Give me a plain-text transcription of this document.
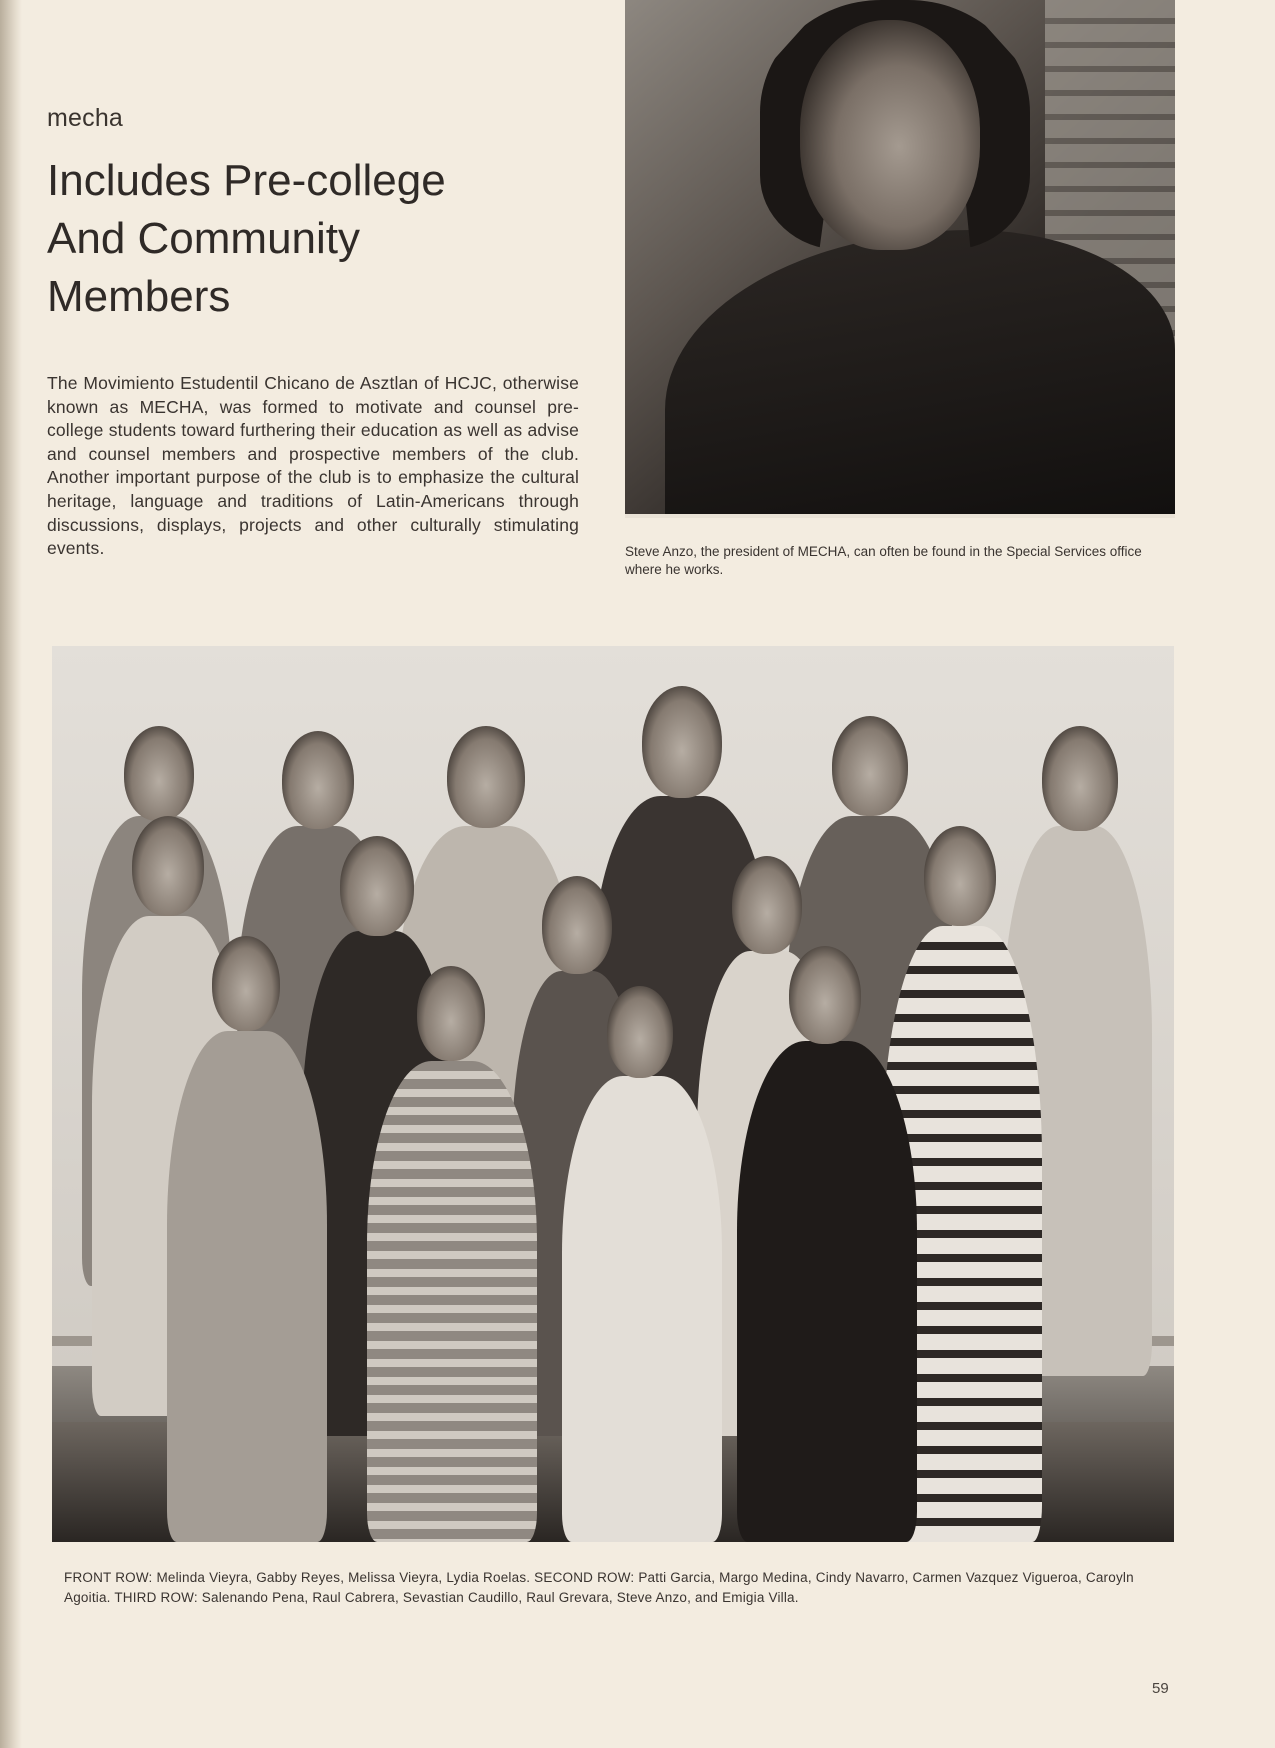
mecha
Includes Pre-college
And Community
Members

The Movimiento Estudentil Chicano de Asztlan of HCJC, otherwise known as MECHA, was formed to motivate and counsel pre-college students toward furthering their education as well as advise and counsel members and prospective members of the club. Another important purpose of the club is to emphasize the cultural heritage, language and traditions of Latin-Americans through discussions, displays, projects and other culturally stimulating events.	Steve Anzo, the president of MECHA, can often be found in the Special Services office where he works.

FRONT ROW: Melinda Vieyra, Gabby Reyes, Melissa Vieyra, Lydia Roelas. SECOND ROW: Patti Garcia, Margo Medina, Cindy Navarro, Carmen Vazquez Vigueroa, Caroyln Agoitia. THIRD ROW: Salenando Pena, Raul Cabrera, Sevastian Caudillo, Raul Grevara, Steve Anzo, and Emigia Villa.

59
